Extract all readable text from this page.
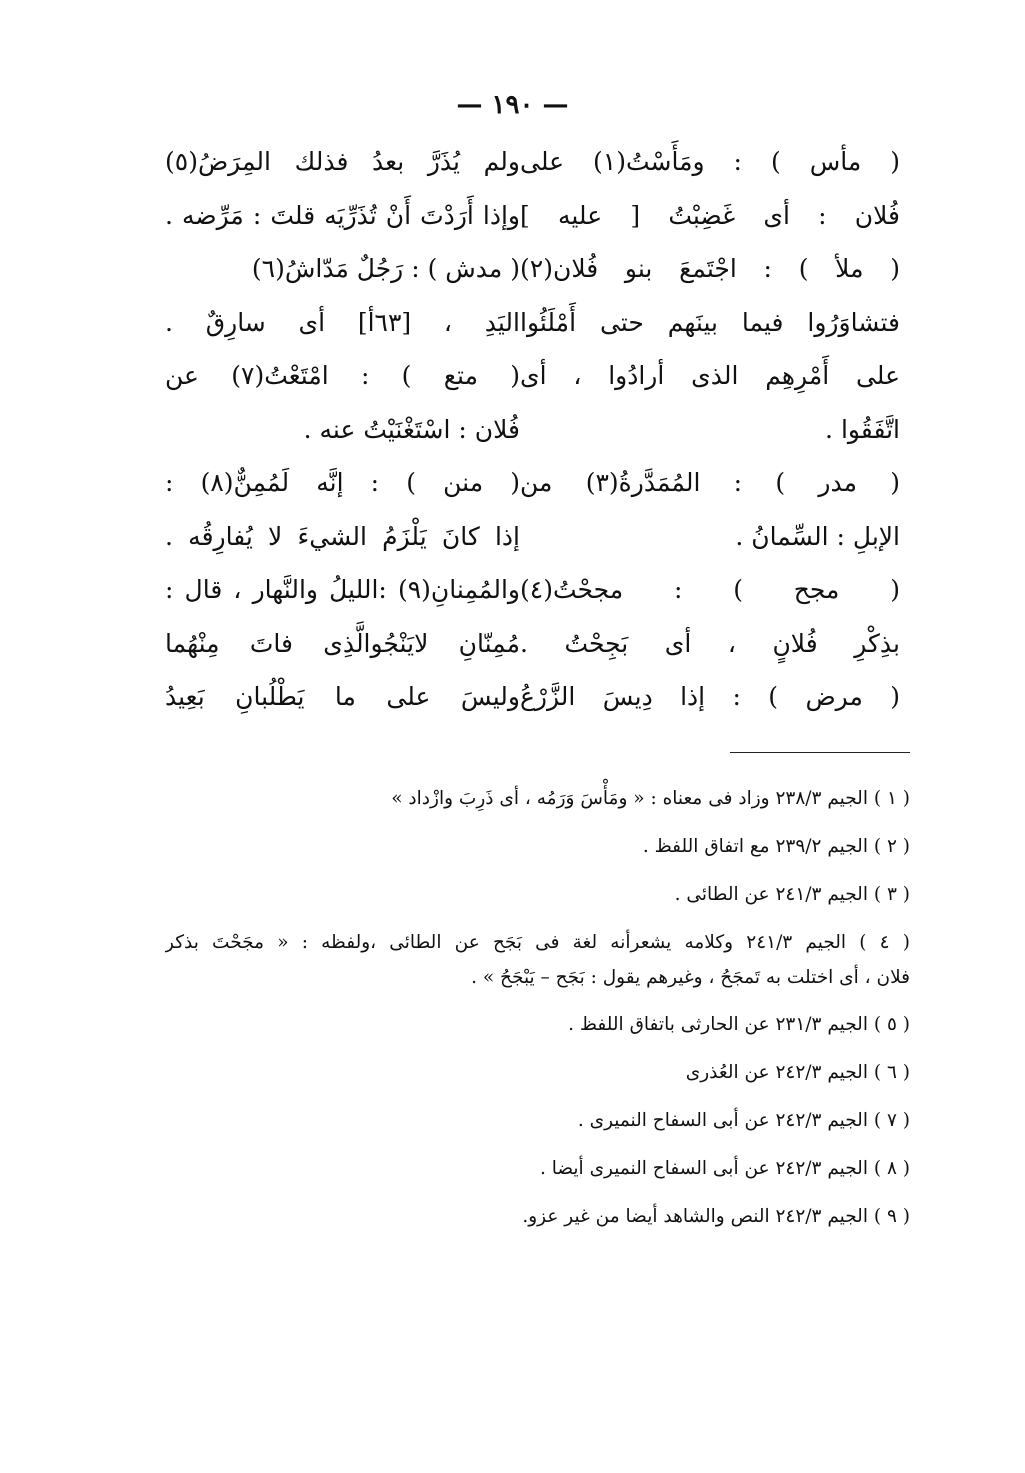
— ١٩٠ —
( مأس ) : ومَأَسْتُ(١) على
فُلان : أى غَضِبْتُ [ عليه ]
( ملأ ) : اجْتَمعَ بنو فُلان(٢)
فتشاوَرُوا فيما بينَهم حتى أَمْلَئُوا
على أَمْرِهِم الذى أرادُوا ، أى
اتَّفَقُوا .
( مدر ) : المُمَدَّرةُ(٣) من
الإبلِ : السِّمانُ .
( مجح ) : مجحْتُ(٤)
بذِكْرِ فُلانٍ ، أى بَجِحْتُ .
( مرض ) : إذا دِيسَ الزَّرْعُ
ولم يُذَرَّ بعدُ فذلك المِرَضُ(٥)
وإذا أَرَدْتَ أَنْ تُذَرِّيَه قلتَ : مَرِّضه .
( مدش ) : رَجُلٌ مَدّاشُ(٦)
اليَدِ ، [٦٣أ] أى سارِقٌ .
( متع ) : امْتَعْتُ(٧) عن
فُلان : اسْتَغْنَيْتُ عنه .
( منن ) : إنَّه لَمُمِنٌّ(٨) :
إذا كانَ يَلْزَمُ الشيءَ لا يُفارِقُه .
والمُمِنانِ(٩) :الليلُ والنَّهار ، قال :
مُمِنّانِ لايَنْجُوالَّذِى فاتَ مِنْهُما
وليسَ على ما يَطْلُبانِ بَعِيدُ
( ١ ) الجيم ٢٣٨/٣ وزاد فى معناه : « ومَأْسَ وَرَمُه ، أى ذَرِبَ وازْداد »
( ٢ ) الجيم ٢٣٩/٢ مع اتفاق اللفظ .
( ٣ ) الجيم ٢٤١/٣ عن الطائى .
( ٤ ) الجيم ٢٤١/٣ وكلامه يشعرأنه لغة فى بَجَح عن الطائى ،ولفظه : « مجَحْتَ بذكر
فلان ، أى اختلت به تَمجَحُ ، وغيرهم يقول : بَجَح – يَبْجَحُ » .
( ٥ ) الجيم ٢٣١/٣ عن الحارثى باتفاق اللفظ .
( ٦ ) الجيم ٢٤٢/٣ عن العُذرى
( ٧ ) الجيم ٢٤٢/٣ عن أبى السفاح النميرى .
( ٨ ) الجيم ٢٤٢/٣ عن أبى السفاح النميرى أيضا .
( ٩ ) الجيم ٢٤٢/٣ النص والشاهد أيضا من غير عزو.
